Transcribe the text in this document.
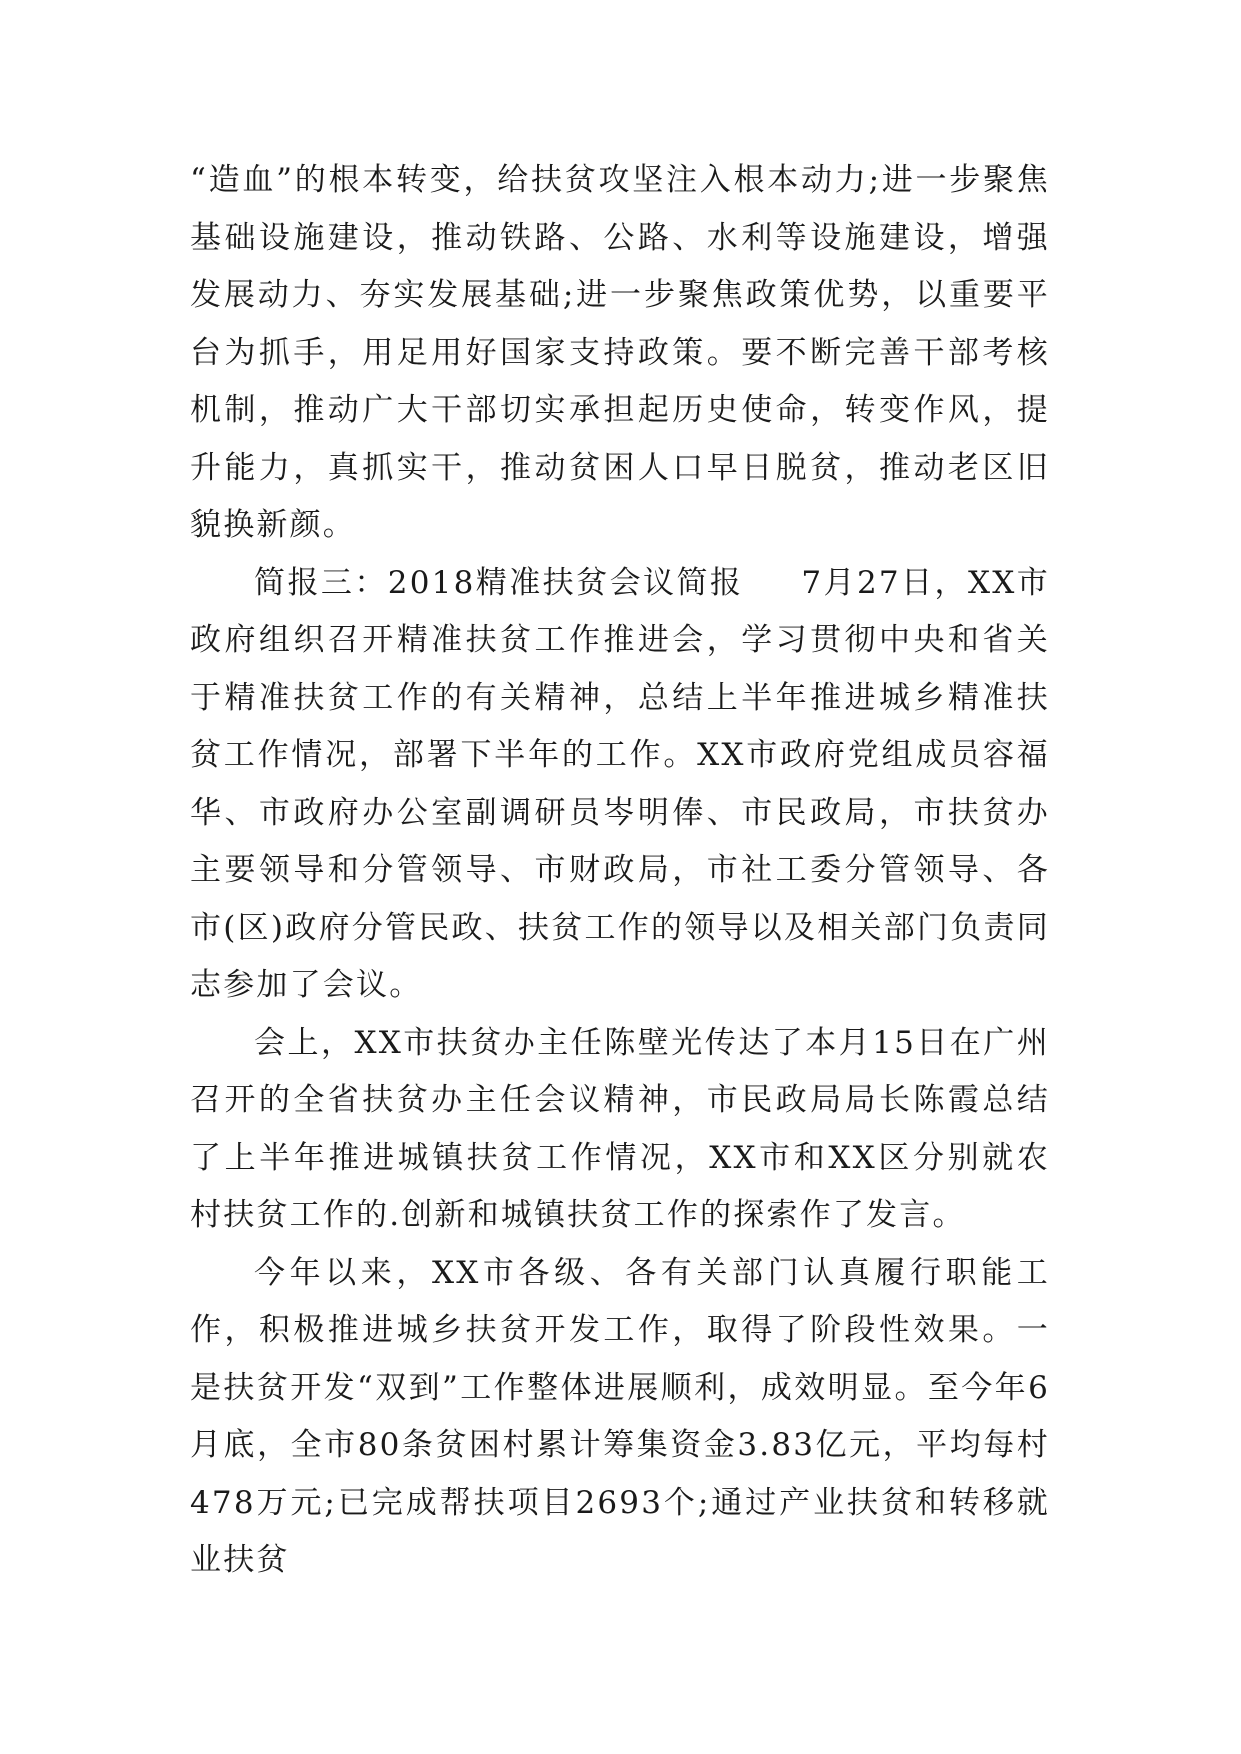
“造血”的根本转变，给扶贫攻坚注入根本动力;进一步聚焦基础设施建设，推动铁路、公路、水利等设施建设，增强发展动力、夯实发展基础;进一步聚焦政策优势，以重要平台为抓手，用足用好国家支持政策。要不断完善干部考核机制，推动广大干部切实承担起历史使命，转变作风，提升能力，真抓实干，推动贫困人口早日脱贫，推动老区旧貌换新颜。

简报三：2018精准扶贫会议简报 7月27日，XX市政府组织召开精准扶贫工作推进会，学习贯彻中央和省关于精准扶贫工作的有关精神，总结上半年推进城乡精准扶贫工作情况，部署下半年的工作。XX市政府党组成员容福华、市政府办公室副调研员岑明俸、市民政局，市扶贫办主要领导和分管领导、市财政局，市社工委分管领导、各市(区)政府分管民政、扶贫工作的领导以及相关部门负责同志参加了会议。

会上，XX市扶贫办主任陈壁光传达了本月15日在广州召开的全省扶贫办主任会议精神，市民政局局长陈霞总结了上半年推进城镇扶贫工作情况，XX市和XX区分别就农村扶贫工作的.创新和城镇扶贫工作的探索作了发言。

今年以来，XX市各级、各有关部门认真履行职能工作，积极推进城乡扶贫开发工作，取得了阶段性效果。一是扶贫开发“双到”工作整体进展顺利，成效明显。至今年6月底，全市80条贫困村累计筹集资金3.83亿元，平均每村478万元;已完成帮扶项目2693个;通过产业扶贫和转移就业扶贫
